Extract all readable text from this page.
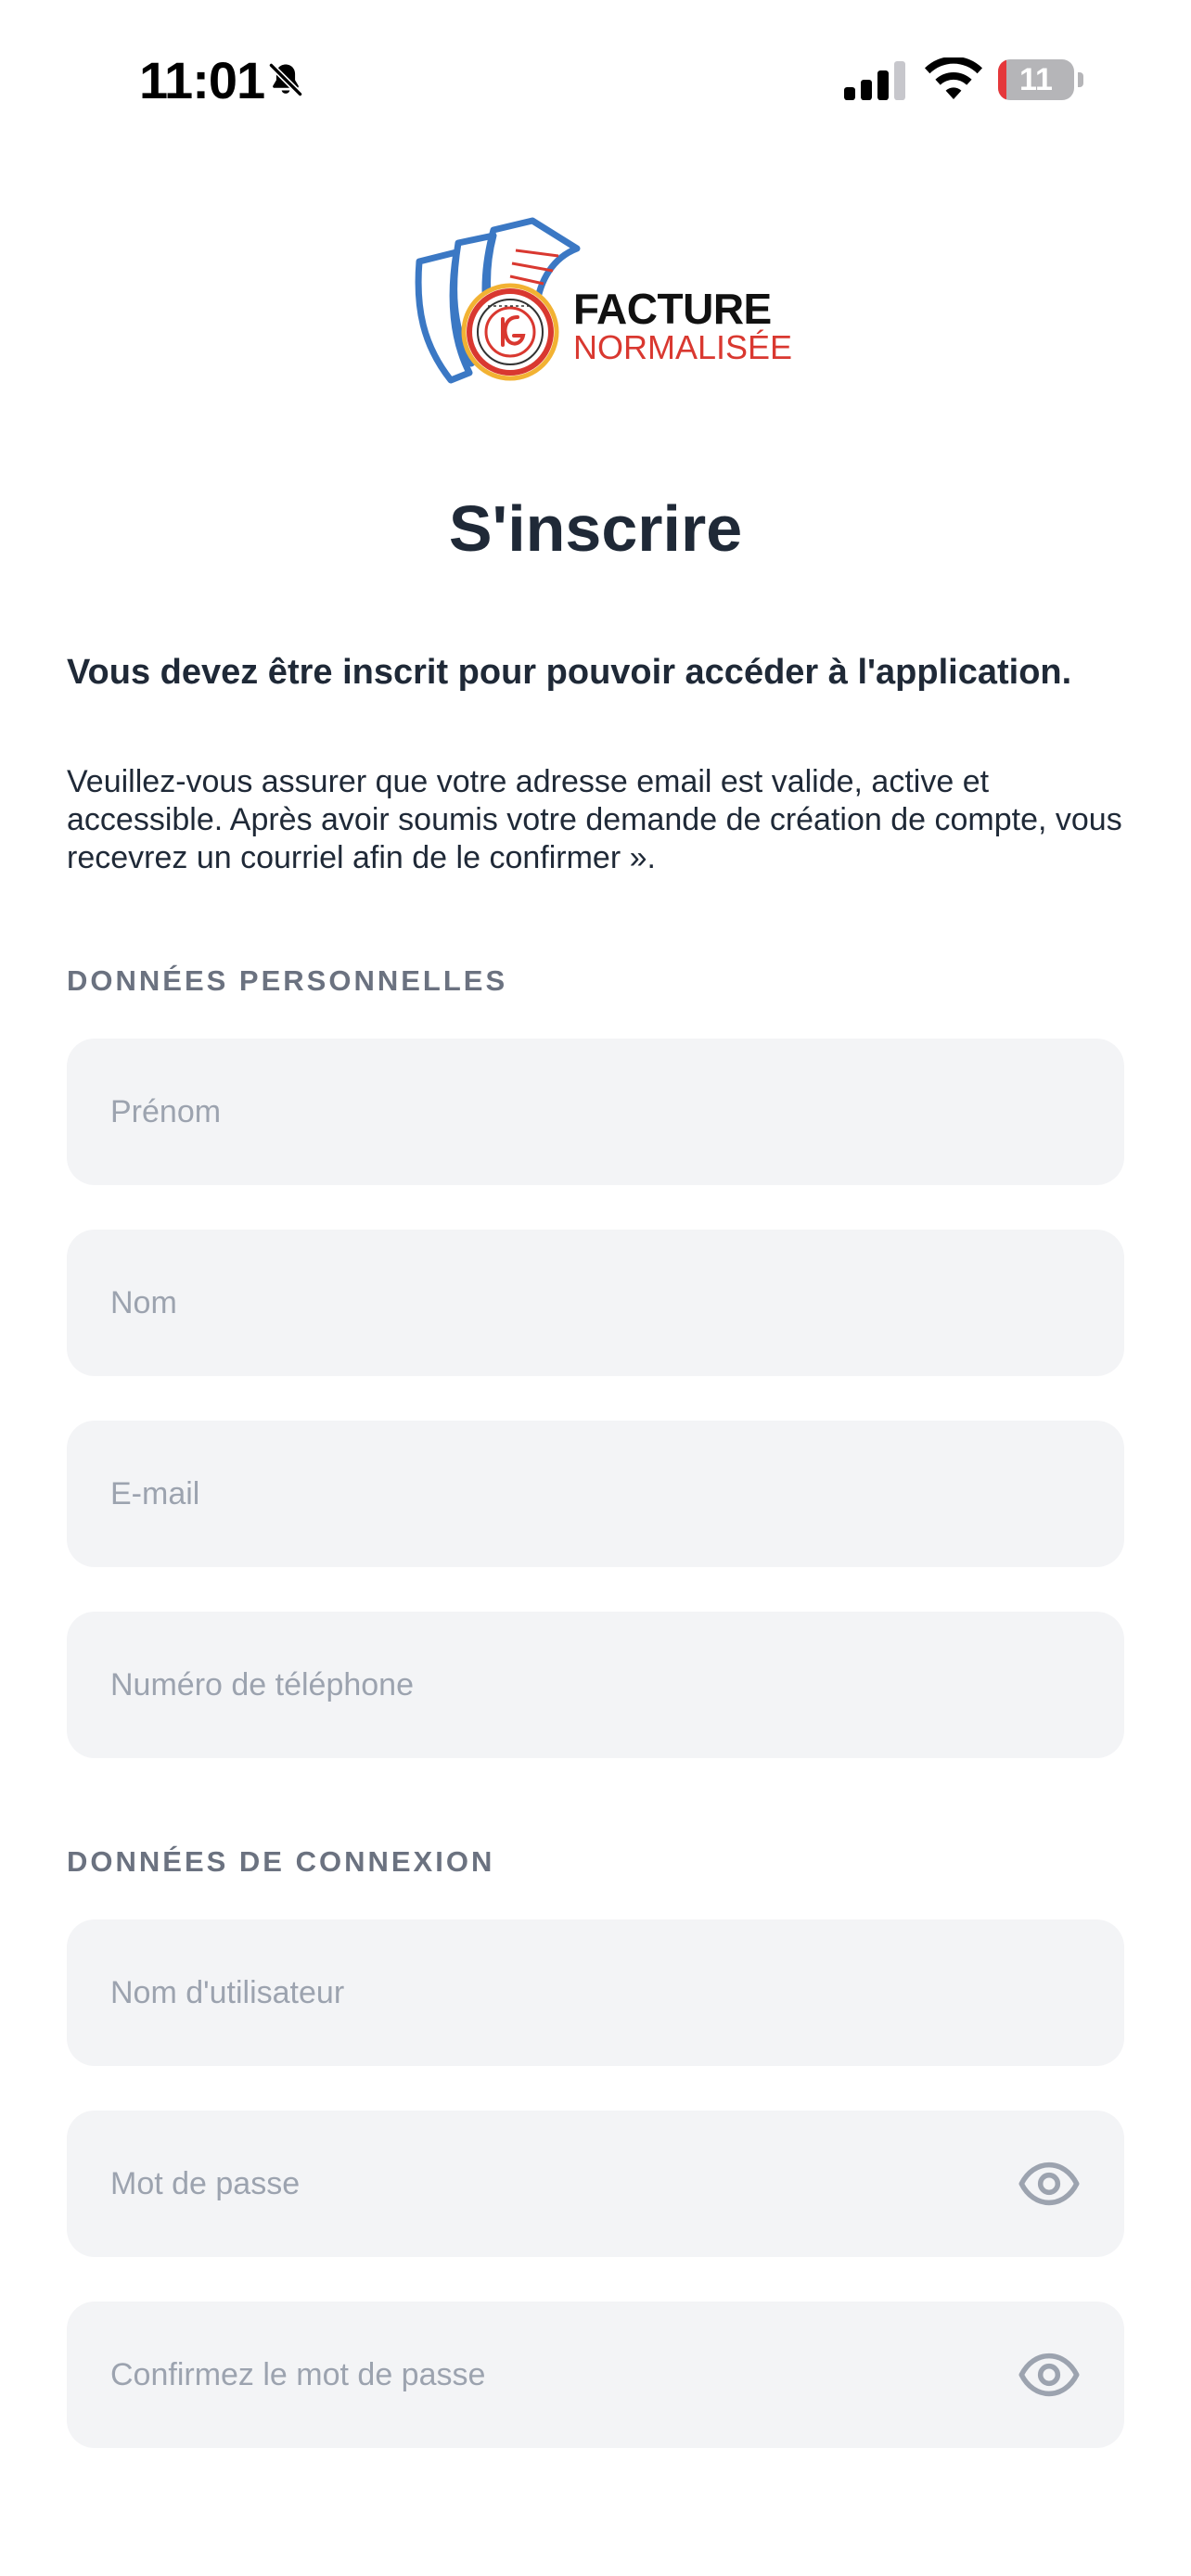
11:01	11
FACTURE
NORMALISÉE
S'inscrire

Vous devez être inscrit pour pouvoir accéder à l'application.

Veuillez-vous assurer que votre adresse email est valide, active et accessible. Après avoir soumis votre demande de création de compte, vous recevrez un courriel afin de le confirmer ».

DONNÉES PERSONNELLES

Prénom
Nom
E-mail
Numéro de téléphone

DONNÉES DE CONNEXION

Nom d'utilisateur
